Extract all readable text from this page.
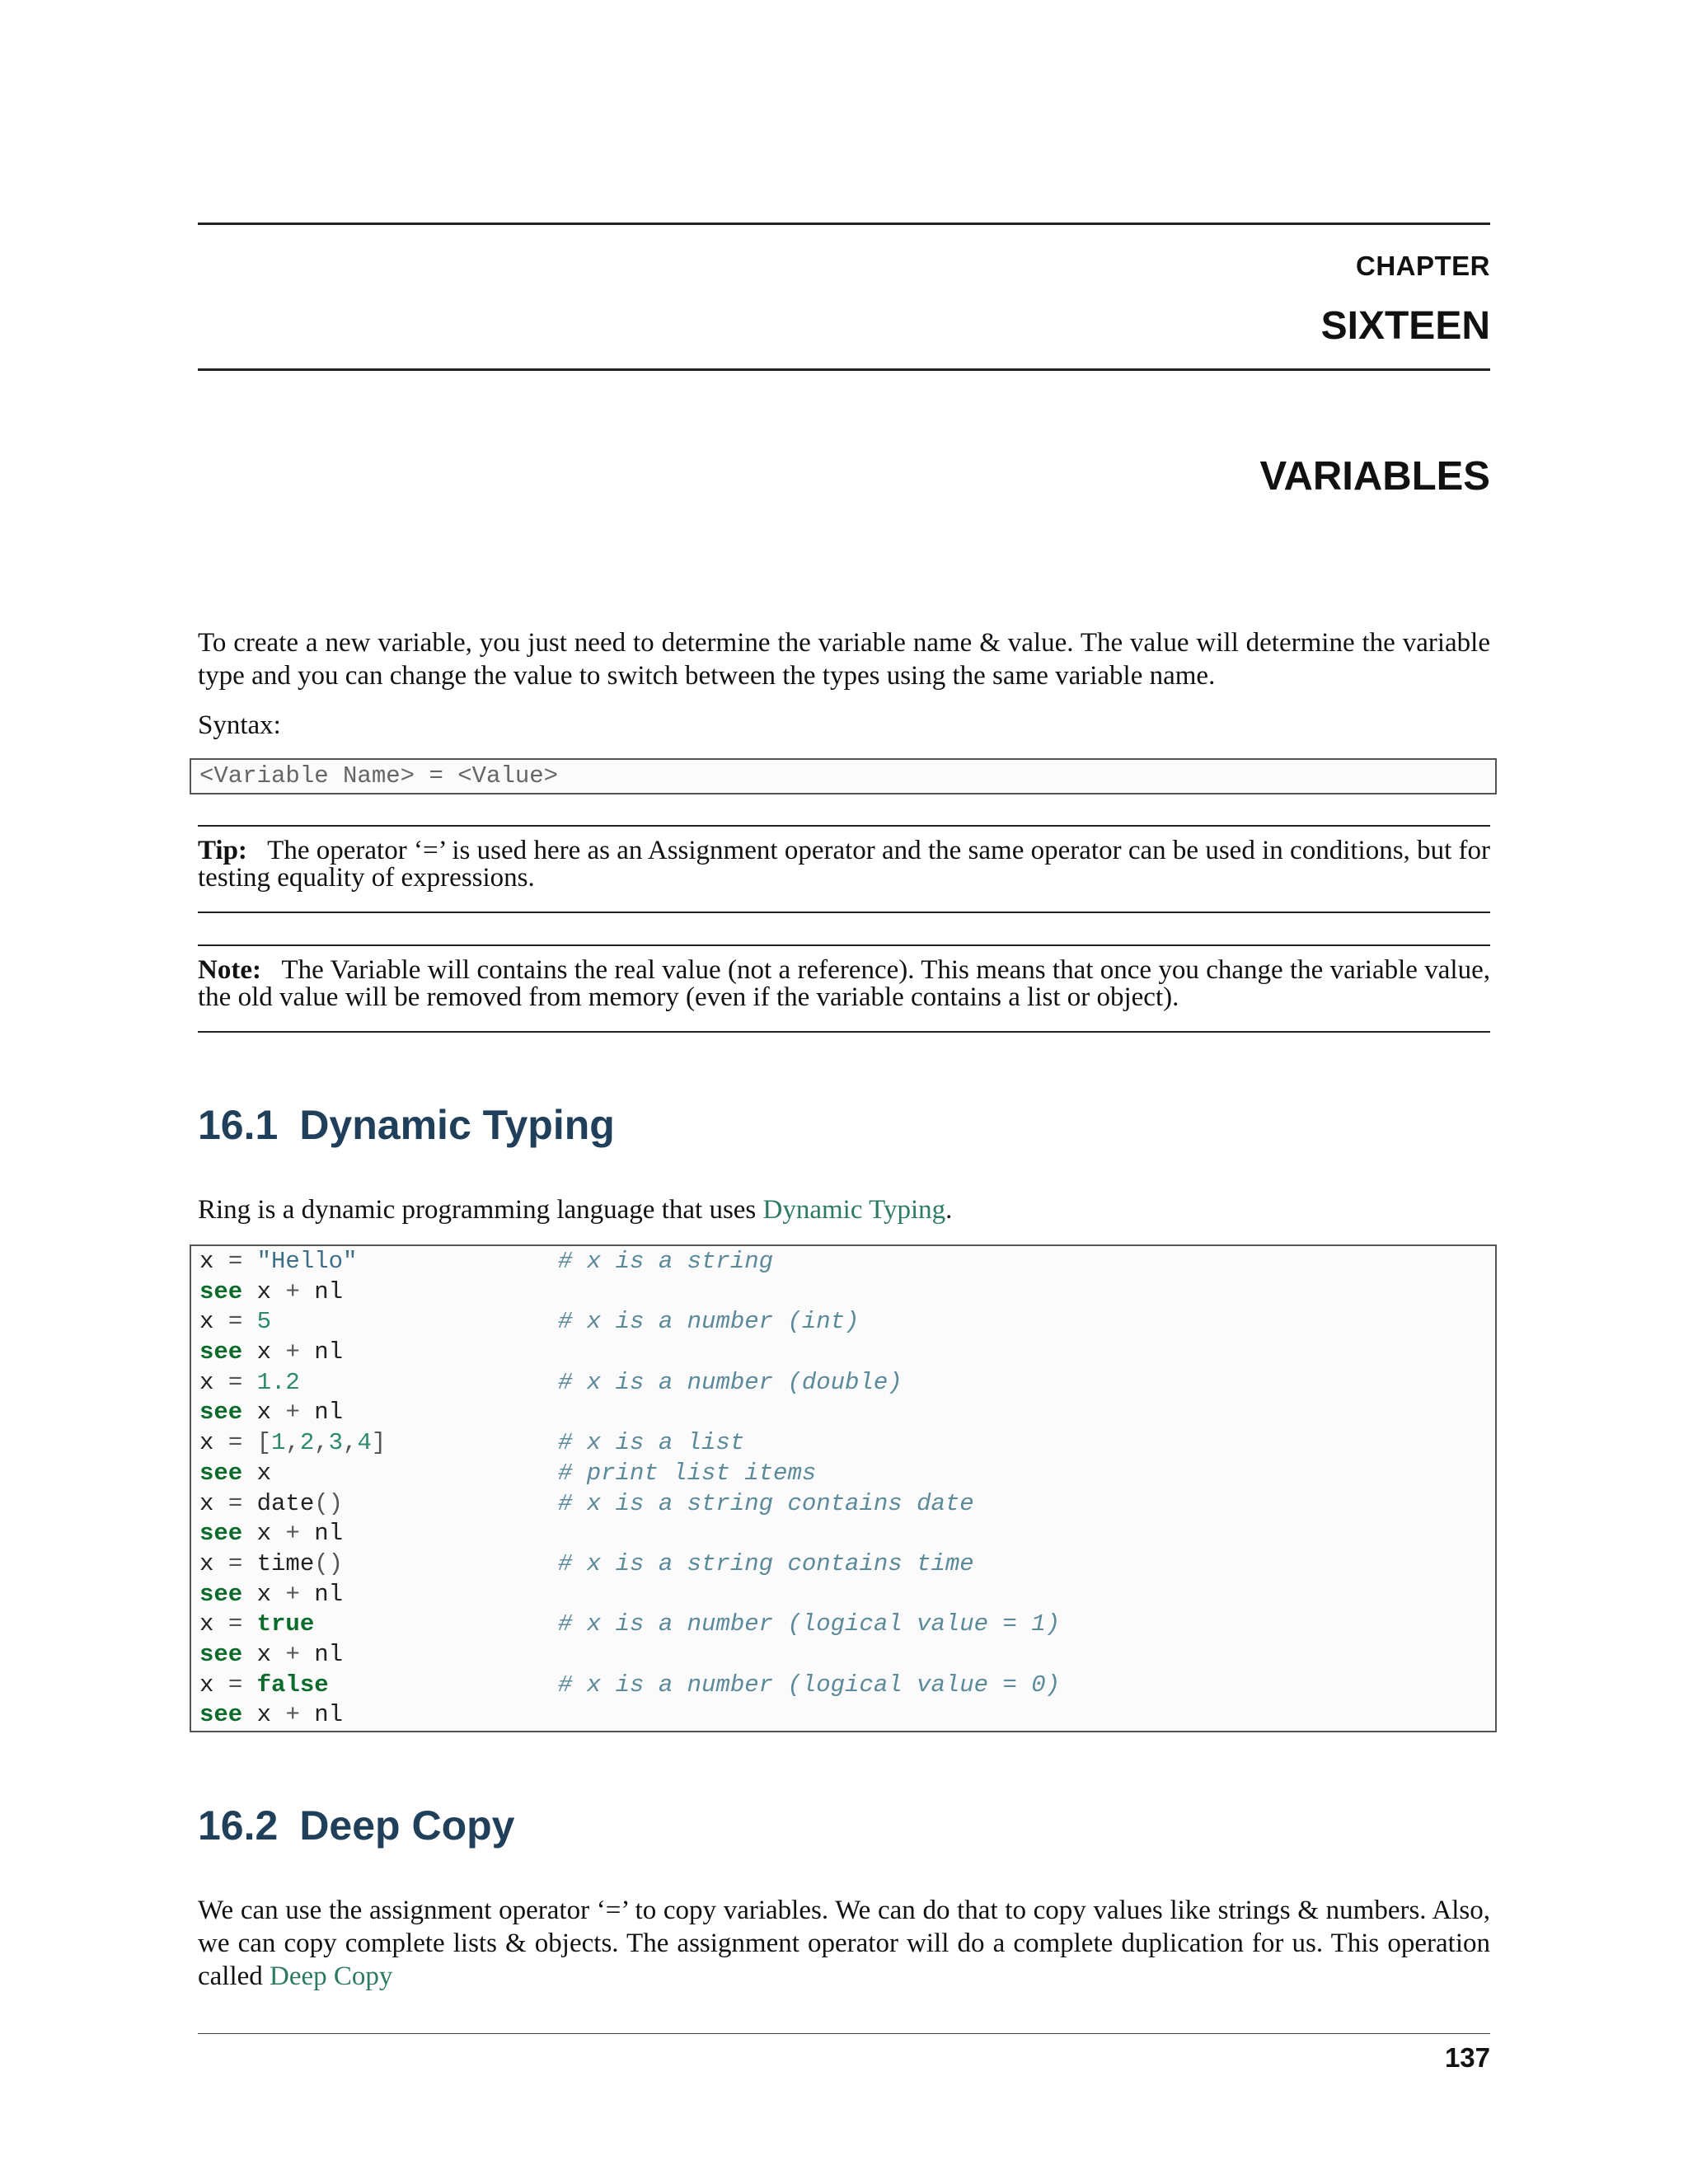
CHAPTER
SIXTEEN
VARIABLES

To create a new variable, you just need to determine the variable name & value. The value will determine the variable type and you can change the value to switch between the types using the same variable name.

Syntax:

<Variable Name> = <Value>

Tip: The operator ‘=’ is used here as an Assignment operator and the same operator can be used in conditions, but for testing equality of expressions.

Note: The Variable will contains the real value (not a reference). This means that once you change the variable value, the old value will be removed from memory (even if the variable contains a list or object).

16.1 Dynamic Typing

Ring is a dynamic programming language that uses Dynamic Typing.

x = "Hello"	# x is a string
see x + nl
x = 5	# x is a number (int)
see x + nl
x = 1.2	# x is a number (double)
see x + nl
x = [1,2,3,4]	# x is a list
see x	# print list items
x = date()	# x is a string contains date
see x + nl
x = time()	# x is a string contains time
see x + nl
x = true	# x is a number (logical value = 1)
see x + nl
x = false	# x is a number (logical value = 0)
see x + nl
16.2 Deep Copy

We can use the assignment operator ‘=’ to copy variables. We can do that to copy values like strings & numbers. Also, we can copy complete lists & objects. The assignment operator will do a complete duplication for us. This operation called Deep Copy

137
